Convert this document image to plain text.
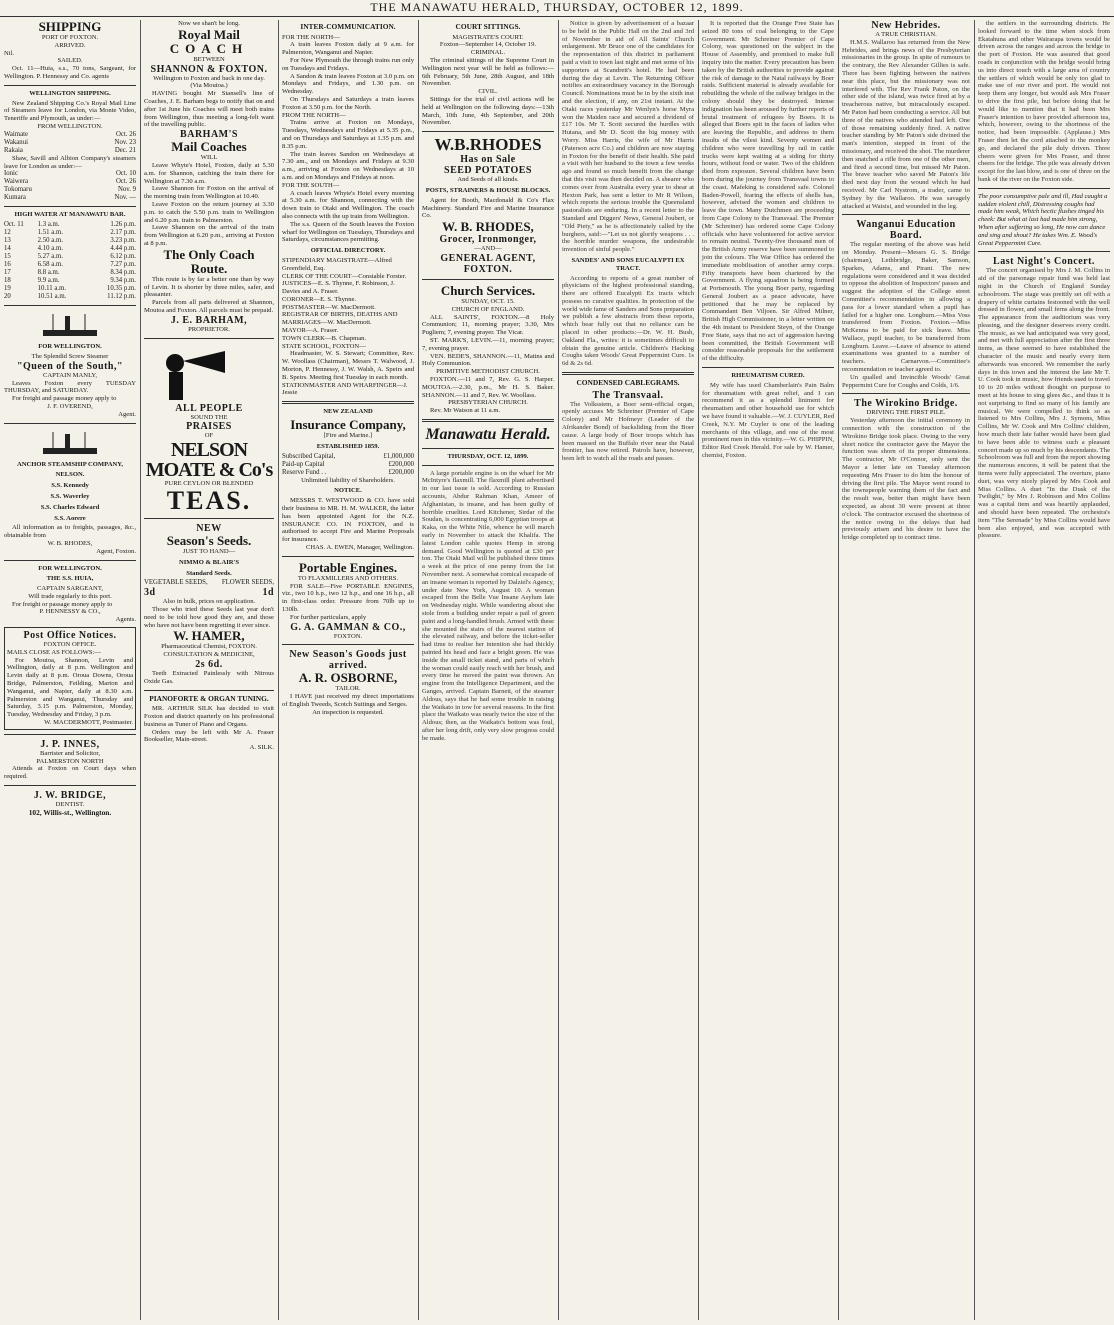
THE MANAWATU HERALD, THURSDAY, OCTOBER 12, 1899.
SHIPPING
PORT OF FOXTON.
ARRIVED.
Nil.
SAILED.
Oct. 11—Huia, s.s., 70 tons, Sargeant, for Wellington. P. Hennessy and Co. agents
WELLINGTON SHIPPING.
New Zealand Shipping Co.'s Royal Mail Line of Steamers leave for London, via Monte Video, Teneriffe and Plymouth, as under:—
FROM WELLINGTON.
Waimate	Oct. 26
Wakanui	Nov. 23
Rakaia	Dec. 21
Shaw, Savill and Albion Company's steamers leave for London as under:—
Ionic	Oct. 10
Waiwera	Oct. 26
Tokomaru	Nov. 9
Kumara	Nov. —
HIGH WATER AT MANAWATU BAR.
Oct. 11	1.3 a.m.	1.26 p.m.
12	1.51 a.m.	2.17 p.m.
13	2.50 a.m.	3.23 p.m.
14	4.10 a.m.	4.44 p.m.
15	5.27 a.m.	6.12 p.m.
16	6.58 a.m.	7.27 p.m.
17	8.8 a.m.	8.34 p.m.
18	9.9 a.m.	9.34 p.m.
19	10.11 a.m.	10.35 p.m.
20	10.51 a.m.	11.12 p.m.
FOR WELLINGTON.
The Splendid Screw Steamer
"Queen of the South,"
CAPTAIN MANLY,
Leaves Foxton every TUESDAY THURSDAY, and SATURDAY.
For freight and passage money apply to
J. F. OVEREND,
Agent.
ANCHOR STEAMSHIP COMPANY,
NELSON.
S.S. Kennedy
S.S. Waverley
S.S. Charles Edward
S.S. Aorere
All information as to freights, passages, &c., obtainable from
W. B. RHODES,
Agent, Foxton.
FOR WELLINGTON.
THE S.S. HUIA,
CAPTAIN SARGEANT,
Will trade regularly to this port.
For freight or passage money apply to
P. HENNESSY & CO.,
Agents.
Post Office Notices.
FOXTON OFFICE.
MAILS CLOSE AS FOLLOWS:—
For Moutoa, Shannon, Levin and Wellington, daily at 8 p.m. Wellington and Levin daily at 8 p.m. Oroua Downs, Oroua Bridge, Palmerston, Feilding, Marton and Wanganui, and Napier, daily at 8.30 a.m. Palmerston and Wanganui, Thursday and Saturday, 3.15 p.m. Palmerston, Monday, Tuesday, Wednesday and Friday, 3 p.m.
W. MACDERMOTT, Postmaster.
J. P. INNES,
Barrister and Solicitor,
PALMERSTON NORTH
Attends at Foxton on Court days when required.
J. W. BRIDGE,
DENTIST.
102, Willis-st., Wellington.
Now we shan't be long.
Royal Mail
COACH
BETWEEN
SHANNON & FOXTON.
Wellington to Foxton and back in one day.
(Via Moutoa.)
HAVING bought Mr Stansell's line of Coaches, J. E. Barham begs to notify that on and after 1st June his Coaches will meet both trains from Wellington, thus meeting a long-felt want of the travelling public.
BARHAM'S
Mail Coaches
WILL
Leave Whyte's Hotel, Foxton, daily at 5.30 a.m. for Shannon, catching the train there for Wellington at 7.30 a.m.
Leave Shannon for Foxton on the arrival of the morning train from Wellington at 10.40.
Leave Foxton on the return journey at 3.30 p.m. to catch the 5.50 p.m. train to Wellington and 6.20 p.m. train to Palmerston.
Leave Shannon on the arrival of the train from Wellington at 6.20 p.m., arriving at Foxton at 8 p.m.
The Only Coach Route.
This route is by far a better one than by way of Levin. It is shorter by three miles, safer, and pleasanter.
Parcels from all parts delivered at Shannon, Moutoa and Foxton. All parcels must be prepaid.
J. E. BARHAM,
PROPRIETOR.
ALL PEOPLE
SOUND THE
PRAISES
OF
NELSON MOATE & Co's
PURE CEYLON OR BLENDED
TEAS.
NEW
Season's Seeds.
JUST TO HAND—
NIMMO & BLAIR'S
Standard Seeds.
VEGETABLE SEEDS,	FLOWER SEEDS,
3d	1d
Also in bulk, prices on application.
Those who tried these Seeds last year don't need to be told how good they are, and those who have not have been regretting it ever since.
W. HAMER,
Pharmaceutical Chemist, FOXTON.
CONSULTATION & MEDICINE,
2s 6d.
Teeth Extracted Painlessly with Nitrous Oxide Gas.
PIANOFORTE & ORGAN TUNING.
MR. ARTHUR SILK has decided to visit Foxton and district quarterly on his professional business as Tuner of Piano and Organs.
Orders may be left with Mr A. Fraser Bookseller, Main-street.
A. SILK.
INTER-COMMUNICATION.
FOR THE NORTH—
A train leaves Foxton daily at 9 a.m. for Palmerston, Wanganui and Napier.
For New Plymouth the through trains run only on Tuesdays and Fridays.
A Sandon & train leaves Foxton at 3.0 p.m. on Mondays and Fridays, and 1.30 p.m. on Wednesday.
On Thursdays and Saturdays a train leaves Foxton at 3.50 p.m. for the North.
FROM THE NORTH—
Trains arrive at Foxton on Mondays, Tuesdays, Wednesdays and Fridays at 5.35 p.m., and on Thursdays and Saturdays at 1.35 p.m. and 8.35 p.m.
The train leaves Sandon on Wednesdays at 7.30 am., and on Mondays and Fridays at 9.30 a.m., arriving at Foxton on Wednesdays at 10 a.m. and on Mondays and Fridays at noon.
FOR THE SOUTH—
A coach leaves Whyte's Hotel every morning at 5.30 a.m. for Shannon, connecting with the down train to Otaki and Wellington. The coach also connects with the up train from Wellington.
The s.s. Queen of the South leaves the Foxton wharf for Wellington on Tuesdays, Thursdays and Saturdays, circumstances permitting.
OFFICIAL DIRECTORY.
STIPENDIARY MAGISTRATE—Alfred Greenfield, Esq.
CLERK OF THE COURT—Constable Forster.
JUSTICES—E. S. Thynne, F. Robinson, J. Davies and A. Fraser.
CORONER—E. S. Thynne.
POSTMASTER—W. MacDermott.
REGISTRAR OF BIRTHS, DEATHS AND MARRIAGES—W. MacDermott.
MAYOR—A. Fraser.
TOWN CLERK—B. Chapman.
STATE SCHOOL, FOXTON—
Headmaster, W. S. Stewart; Committee, Rev. W. Woollass (Chairman), Messrs T. Walwood, J. Morton, P. Hennessy, J. W. Walsh, A. Speirs and B. Speirs. Meeting first Tuesday in each month.
STATIONMASTER AND WHARFINGER—J. Jessie
NEW ZEALAND
Insurance Company,
[Fire and Marine.]
ESTABLISHED 1859.
Subscribed Capital,	£1,000,000
Paid-up Capital	£200,000
Reserve Fund . .	£200,000
Unlimited liability of Shareholders.
NOTICE.
MESSRS T. WESTWOOD & CO. have sold their business to MR. H. M. WALKER, the latter has been appointed Agent for the N.Z. INSURANCE CO. IN FOXTON, and is authorised to accept Fire and Marine Proposals for insurance.
CHAS. A. EWEN, Manager, Wellington.
Portable Engines.
TO FLAXMILLERS AND OTHERS.
FOR SALE—Five PORTABLE ENGINES, viz., two 10 h.p., two 12 h.p., and one 16 h.p., all in first-class order. Pressure from 70lb up to 130lb.
For further particulars, apply
G. A. GAMMAN & CO.,
FOXTON.
New Season's Goods just arrived.
A. R. OSBORNE,
TAILOR.
I HAVE just received my direct importations of English Tweeds, Scotch Suitings and Serges.
An inspection is requested.
COURT SITTINGS.
MAGISTRATE'S COURT.
Foxton—September 14, October 19.
CRIMINAL.
The criminal sittings of the Supreme Court in Wellington next year will be held as follows:—6th February, 5th June, 28th August, and 18th November.
CIVIL.
Sittings for the trial of civil actions will be held at Wellington on the following days:—13th March, 10th June, 4th September, and 20th November.
W.B.RHODES
Has on Sale
SEED POTATOES
And Seeds of all kinds.
POSTS, STRAINERS & HOUSE BLOCKS.
Agent for Booth, Macdonald & Co's Flax Machinery. Standard Fire and Marine Insurance Co.
W. B. RHODES,
Grocer, Ironmonger,
—AND—
GENERAL AGENT,
FOXTON.
Church Services.
SUNDAY, OCT. 15.
CHURCH OF ENGLAND.
ALL SAINTS', FOXTON.—8 Holy Communion; 11, morning prayer; 3.30, Mrs Pugliem; 7, evening prayer. The Vicar.
ST. MARK'S, LEVIN.—11, morning prayer; 7, evening prayer.
VEN. BEDE'S, SHANNON.—11, Matins and Holy Communion.
PRIMITIVE METHODIST CHURCH.
FOXTON.—11 and 7, Rev. G. S. Harper. MOUTOA.—2.30, p.m., Mr H. S. Baker. SHANNON.—11 and 7, Rev. W. Woollass.
PRESBYTERIAN CHURCH.
Rev. Mr Watson at 11 a.m.
Manawatu Herald.
THURSDAY, OCT. 12, 1899.
A large portable engine is on the wharf for Mr McIntyre's flaxmill. The flaxmill plant advertised in our last issue is sold. According to Russian accounts, Abdur Rahman Khan, Ameer of Afghanistan, is insane, and has been guilty of horrible cruelties. Lord Kitchener, Sirdar of the Soudan, is concentrating 6,000 Egyptian troops at Kaka, on the White Nile, whence he will march early in November to attack the Khalifa. The latest London cable quotes Hemp in strong demand. Good Wellington is quoted at £30 per ton. The Otaki Mail will be published three times a week at the price of one penny from the 1st November next. A somewhat comical escapade of an insane woman is reported by Dalziel's Agency, under date New York, August 10. A woman escaped from the Belle Vue Insane Asylum late on Wednesday night. While wandering about she stole from a building under repair a pail of green paint and a long-handled brush. Armed with these she mounted the stairs of the nearest station of the elevated railway, and before the ticket-seller had time to realise her intention she had thickly painted his head and face a bright green. He was inside the small ticket stand, and parts of which the woman could easily reach with her brush, and every time he moved the paint was thrown. An engine from the Intelligence Department, and the Ganges, arrived. Captain Barnett, of the steamer Aldous, says that he had some trouble in raising the Waikato in tow for several reasons. In the first place the Waikato was nearly twice the size of the Aldous; then, as the Waikato's bottom was foul, after her long drift, only very slow progress could be made.
Notice is given by advertisement of a bazaar to be held in the Public Hall on the 2nd and 3rd of November in aid of All Saints' Church enlargement. Mr Bruce one of the candidates for the representation of this district in parliament paid a visit to town last night and met some of his supporters at Scandrett's hotel. He had been during the day at Levin. The Returning Officer notifies an extraordinary vacancy in the Borough Council. Nominations must be in by the sixth inst and the election, if any, on 21st instant. At the Otaki races yesterday Mr Wenlyn's horse Myra won the Maiden race and secured a dividend of £17 10s. Mr T. Scott secured the hurdles with Hutana, and Mr D. Scott the big money with Worry. Miss Harris, the wife of Mr Harris (Paterson acre Co.) and children are now staying in Foxton for the benefit of their health. She paid a visit with her husband to the town a few weeks ago and found so much benefit from the change that this visit was then decided on. A shearer who comes over from Australia every year to shear at Hexton Park, has sent a letter to Mr R Wilson, which reports the serious trouble the Queensland pastoralists are enduring. In a recent letter to the Standard and Diggers' News, General Joubert, or "Old Piety," as he is affectionately called by the burghers, said:—"Let us not glorify weapons . . . the horrible murder weapons, the undesirable invention of sinful people."
SANDES' AND SONS EUCALYPTI EX TRACT.
According to reports of a great number of physicians of the highest professional standing, there are offered Eucalypti Ex tracts which possess no curative qualities. In protection of the world wide fame of Sanders and Sons preparation we publish a few abstracts from these reports, which bear fully out that no reliance can be placed in other products:—Dr. W. H. Bush, Oakland Fla., writes: it is sometimes difficult to obtain the genuine article. Children's Hacking Coughs taken Woods' Great Peppermint Cure. 1s 6d & 2s 6d.
CONDENSED CABLEGRAMS.
The Transvaal.
The Volksstem, a Boer semi-official organ, openly accuses Mr Schreiner (Premier of Cape Colony) and Mr Hofmeyr (Leader of the Afrikander Bond) of backsliding from the Boer cause. A large body of Boer troops which has been massed on the Buffalo river near the Natal frontier, has now retired. Patrols have, however, been left to watch all the roads and passes.
It is reported that the Orange Free State has seized 80 tons of coal belonging to the Cape Government. Mr Schreiner Premier of Cape Colony, was questioned on the subject in the House of Assembly, and promised to make full inquiry into the matter. Every precaution has been taken by the British authorities to provide against the risk of damage to the Natal railways by Boer raids. Sufficient material is already available for rebuilding the whole of the railway bridges in the colony should they be destroyed. Intense indignation has been aroused by further reports of brutal treatment of refugees by Boers. It is alleged that Boers spit in the faces of ladies who are leaving the Republic, and address to them insults of the vilest kind. Seventy women and children who were travelling by rail in cattle trucks were kept waiting at a siding for thirty hours, without food or water. Two of the children died from exposure. Several children have been born during the journey from Transvaal towns to the coast. Mafeking is considered safe. Colonel Baden-Powell, fearing the effects of shells has, however, advised the women and children to leave the town. Many Dutchmen are proceeding from Cape Colony to the Transvaal. The Premier (Mr Schreiner) has ordered some Cape Colony officials who have volunteered for active service to remain neutral. Twenty-five thousand men of the British Army reserve have been summoned to join the colours. The War Office has ordered the immediate mobilisation of another army corps. Fifty transports have been chartered by the Government. A flying squadron is being formed at Portsmouth. The young Boer party, regarding General Joubert as a peace advocate, have petitioned that he may be replaced by Commandant Ben Viljoen. Sir Alfred Milner, British High Commissioner, in a letter written on the 4th instant to President Steyn, of the Orange Free State, says that no act of aggression having been committed, the British Government will consider reasonable proposals for the settlement of the difficulty.
RHEUMATISM CURED.
My wife has used Chamberlain's Pain Balm for rheumatism with great relief, and I can recommend it as a splendid liniment for rheumatism and other household use for which we have found it valuable.—W. J. CUYLER, Red Creek, N.Y. Mr Cuyler is one of the leading merchants of this village, and one of the most prominent men in this vicinity.—W. G. PHIPPIN, Editor Red Creek Herald. For sale by W. Hamer, chemist, Foxton.
New Hebrides.
A TRUE CHRISTIAN.
H.M.S. Wallaroo has returned from the New Hebrides, and brings news of the Presbyterian missionaries in the group. In spite of rumours to the contrary, the Rev Alexander Gillies is safe. There has been fighting between the natives near this place, but the missionary was not interfered with. The Rev Frank Paton, on the other side of the island, was twice fired at by a treacherous native, but miraculously escaped. Mr Paton had been conducting a service. All but three of the natives who attended had left. One of those remaining suddenly fired. A native teacher standing by Mr Paton's side divined the man's intention, stepped in front of the missionary, and received the shot. The murderer then snatched a rifle from one of the other men, and fired a second time, but missed Mr Paton. The brave teacher who saved Mr Paton's life died next day from the wound which he had received. Mr Carl Nystrom, a trader, came to Sydney by the Wallaroo. He was savagely attacked at Waisisi, and wounded in the leg.
Wanganui Education Board.
The regular meeting of the above was held on Monday. Present—Messrs G. S. Bridge (chairman), Lethbridge, Baker, Samson, Sparkes, Adams, and Pirani. The new regulations were considered and it was decided to oppose the abolition of Inspectors' passes and suggest the adoption of the College street Committee's recommendation in allowing a pass for a lower standard when a pupil has failed for a higher one. Longburn.—Miss Voss transferred from Foxton. Foxton.—Miss McKenna to be paid for sick leave. Miss Wallace, pupil teacher, to be transferred from Longburn. Leave.—Leave of absence to attend examinations was granted to a number of teachers. Carnarvon.—Committee's recommendation re teacher agreed to.
Un qualled and Invincible Woods' Great Peppermint Cure for Coughs and Colds, 1/6.
The Wirokino Bridge.
DRIVING THE FIRST PILE.
Yesterday afternoon the initial ceremony in connection with the construction of the Wirokino Bridge took place. Owing to the very short notice the contractor gave the Mayor the function was shorn of its proper dimensions. The contractor, Mr O'Connor, only sent the Mayor a letter late on Tuesday afternoon requesting Mrs Fraser to do him the honour of driving the first pile. The Mayor went round to the townspeople warning them of the fact and the result was, better than might have been expected, as about 30 were present at three o'clock. The contractor excused the shortness of the notice owing to the delays that had previously arisen and his desire to have the bridge completed up to contract time.
the settlers in the surrounding districts. He looked forward to the time when stock from Ekatahuna and other Wairarapa towns would be driven across the ranges and across the bridge to the port of Foxton. He was assured that good roads in conjunction with the bridge would bring us into direct touch with a large area of country the settlers of which would be only too glad to make use of our river and port. He would not keep them any longer, but would ask Mrs Fraser to drive the first pile, but before doing that he would like to mention that it had been Mrs Fraser's intention to have provided afternoon tea, which, however, owing to the shortness of the notice, had been impossible. (Applause.) Mrs Fraser then let the cord attached to the monkey go, and declared the pile duly driven. Three cheers were given for Mrs Fraser, and three cheers for the bridge. The pile was already driven except for the last blow, and is one of three on the bank of the river on the Foxton side.
The poor consumptive pale and ill, Had caught a sudden violent chill, Distressing coughs had made him weak, Which hectic flushes tinged his cheek: But what at last had made him strong, When after suffering so long, He now can dance and sing and shout? He takes Wm. E. Wood's Great Peppermint Cure.
Last Night's Concert.
The concert organised by Mrs J. M. Collins in aid of the parsonage repair fund was held last night in the Church of England Sunday schoolroom. The stage was prettily set off with a drapery of white curtains festooned with the well dressed in flower, and small ferns along the front. The appearance from the auditorium was very pleasing, and the designer deserves every credit. The music, as we had anticipated was very good, and met with full appreciation after the first three items, as these seemed to have established the character of the music and nearly every item afterwards was encored. We remember the early days in this town and the interest the late Mr T. U. Cook took in music, how friends used to travel 10 to 20 miles without thought on purpose to meet at his house to sing glees &c., and thus it is not surprising to find so many of his family are musical. We were compelled to think so as listened to Mrs Collins, Mrs J. Symons, Miss Collins, Mr W. Cook and Mrs Collins' children, how much their late father would have been glad to have been able to witness such a pleasant concert made up so much by his descendants. The Schoolroom was full and from the report showing the numerous encores, it will be patent that the items were fully appreciated. The overture, piano duet, was very nicely played by Mrs Cook and Miss Collins. A duet "In the Dusk of the Twilight," by Mrs J. Robinson and Mrs Collins was a capital item and was heartily applauded, and should have been repeated. The orchestra's item "The Serenade" by Miss Collins would have been also enjoyed, and was accepted with pleasure.
